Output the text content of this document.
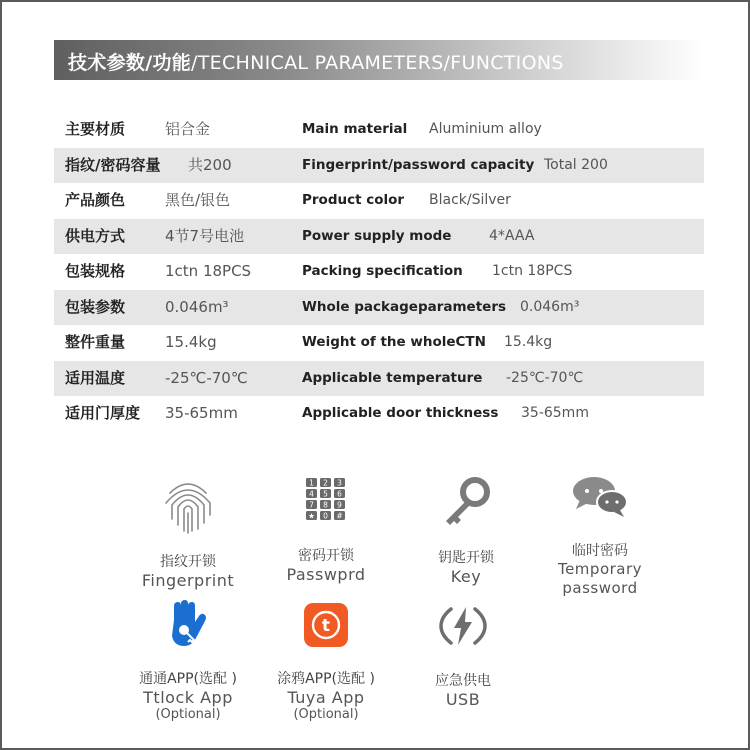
技术参数/功能/TECHNICAL PARAMETERS/FUNCTIONS
主要材质	铝合金	Main material Aluminium alloy
指纹/密码容量 共200	Fingerprint/password capacity Total 200
产品颜色	黑色/银色	Product color Black/Silver
供电方式	4节7号电池	Power supply mode	4*AAA
包装规格	1ctn 18PCS	Packing specification 1ctn 18PCS
包装参数	0.046m³	Whole packageparameters 0.046m³
整件重量	15.4kg	Weight of the wholeCTN 15.4kg
适用温度	-25℃-70℃	Applicable temperature -25℃-70℃
适用门厚度 35-65mm	Applicable door thickness 35-65mm
指纹开锁
Fingerprint
1 2 3
4 5 6
7 8 9
★ 0 #
密码开锁
Passwprd
钥匙开锁
Key
临时密码
Temporary
password
通通APP(选配 )
Ttlock App
(Optional)
t
涂鸦APP(选配 )
Tuya App
(Optional)
应急供电
USB
